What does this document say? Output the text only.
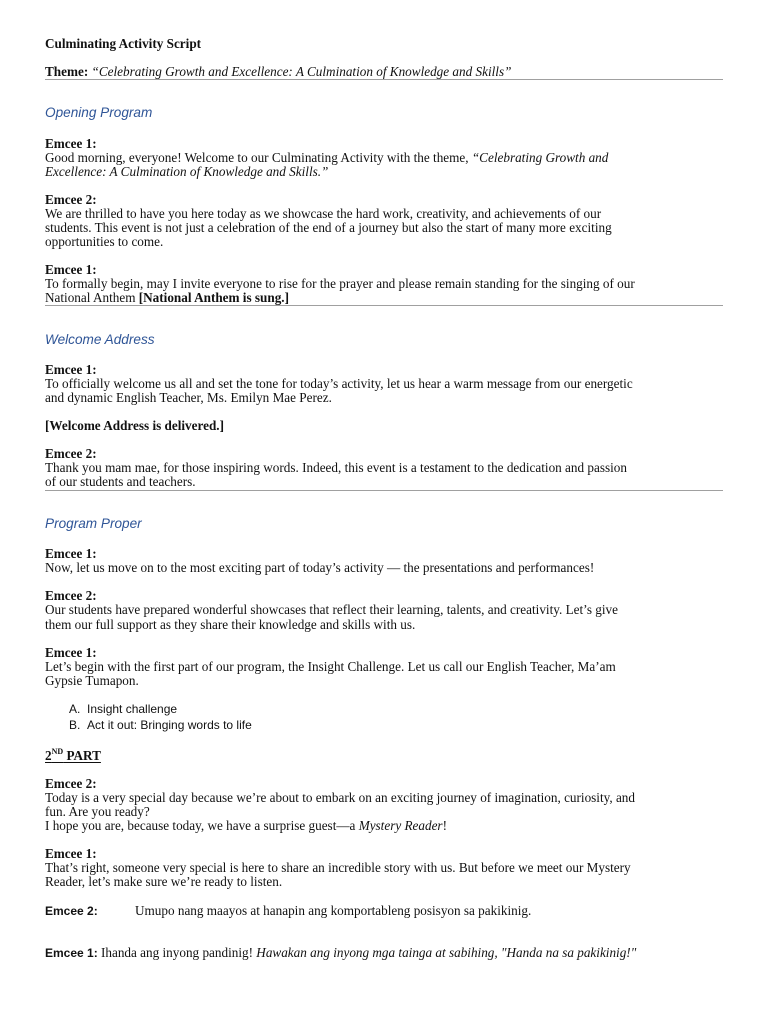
Culminating Activity Script
Theme: “Celebrating Growth and Excellence: A Culmination of Knowledge and Skills”
Opening Program
Emcee 1:
Good morning, everyone! Welcome to our Culminating Activity with the theme, “Celebrating Growth and
Excellence: A Culmination of Knowledge and Skills.”
Emcee 2:
We are thrilled to have you here today as we showcase the hard work, creativity, and achievements of our
students. This event is not just a celebration of the end of a journey but also the start of many more exciting
opportunities to come.
Emcee 1:
To formally begin, may I invite everyone to rise for the prayer and please remain standing for the singing of our
National Anthem [National Anthem is sung.]
Welcome Address
Emcee 1:
To officially welcome us all and set the tone for today’s activity, let us hear a warm message from our energetic
and dynamic English Teacher, Ms. Emilyn Mae Perez.
[Welcome Address is delivered.]
Emcee 2:
Thank you mam mae, for those inspiring words. Indeed, this event is a testament to the dedication and passion
of our students and teachers.
Program Proper
Emcee 1:
Now, let us move on to the most exciting part of today’s activity — the presentations and performances!
Emcee 2:
Our students have prepared wonderful showcases that reflect their learning, talents, and creativity. Let’s give
them our full support as they share their knowledge and skills with us.
Emcee 1:
Let’s begin with the first part of our program, the Insight Challenge. Let us call our English Teacher, Ma’am
Gypsie Tumapon.
A. Insight challenge
B. Act it out: Bringing words to life
2ND PART
Emcee 2:
Today is a very special day because we’re about to embark on an exciting journey of imagination, curiosity, and
fun. Are you ready?
I hope you are, because today, we have a surprise guest—a Mystery Reader!
Emcee 1:
That’s right, someone very special is here to share an incredible story with us. But before we meet our Mystery
Reader, let’s make sure we’re ready to listen.
Emcee 2:	Umupo nang maayos at hanapin ang komportableng posisyon sa pakikinig.
Emcee 1: Ihanda ang inyong pandinig! Hawakan ang inyong mga tainga at sabihing, "Handa na sa pakikinig!"
